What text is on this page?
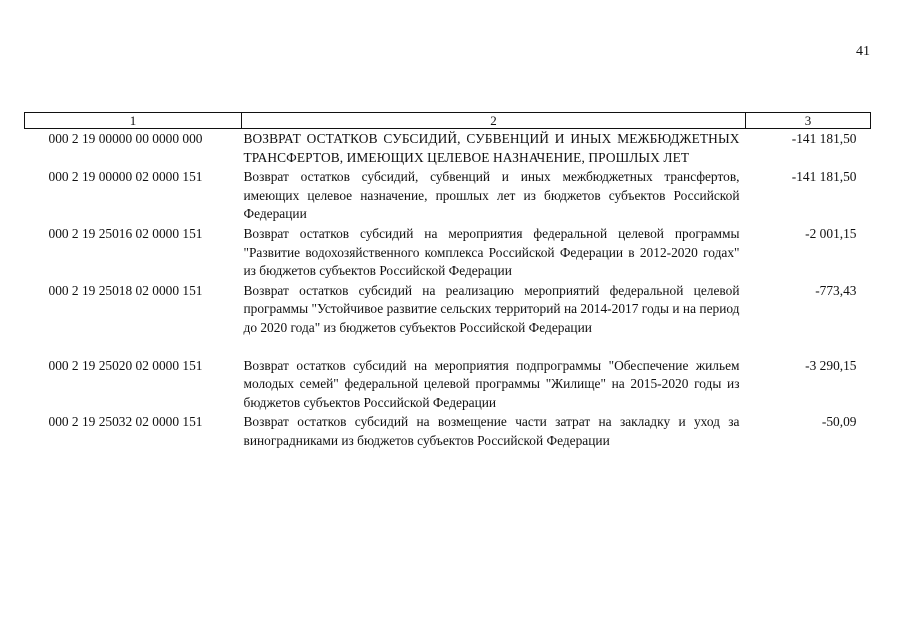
41
1	2	3
000 2 19 00000 00 0000 000	ВОЗВРАТ ОСТАТКОВ СУБСИДИЙ, СУБВЕНЦИЙ И ИНЫХ МЕЖБЮДЖЕТНЫХ ТРАНСФЕРТОВ, ИМЕЮЩИХ ЦЕЛЕВОЕ НАЗНАЧЕНИЕ, ПРОШЛЫХ ЛЕТ	-141 181,50
000 2 19 00000 02 0000 151	Возврат остатков субсидий, субвенций и иных межбюджетных трансфертов, имеющих целевое назначение, прошлых лет из бюджетов субъектов Российской Федерации	-141 181,50
000 2 19 25016 02 0000 151	Возврат остатков субсидий на мероприятия федеральной целевой программы "Развитие водохозяйственного комплекса Российской Федерации в 2012-2020 годах" из бюджетов субъектов Российской Федерации	-2 001,15
000 2 19 25018 02 0000 151	Возврат остатков субсидий на реализацию мероприятий федеральной целевой программы "Устойчивое развитие сельских территорий на 2014-2017 годы и на период до 2020 года" из бюджетов субъектов Российской Федерации	-773,43

000 2 19 25020 02 0000 151	Возврат остатков субсидий на мероприятия подпрограммы "Обеспечение жильем молодых семей" федеральной целевой программы "Жилище" на 2015-2020 годы из бюджетов субъектов Российской Федерации	-3 290,15
000 2 19 25032 02 0000 151	Возврат остатков субсидий на возмещение части затрат на закладку и уход за виноградниками из бюджетов субъектов Российской Федерации	-50,09
